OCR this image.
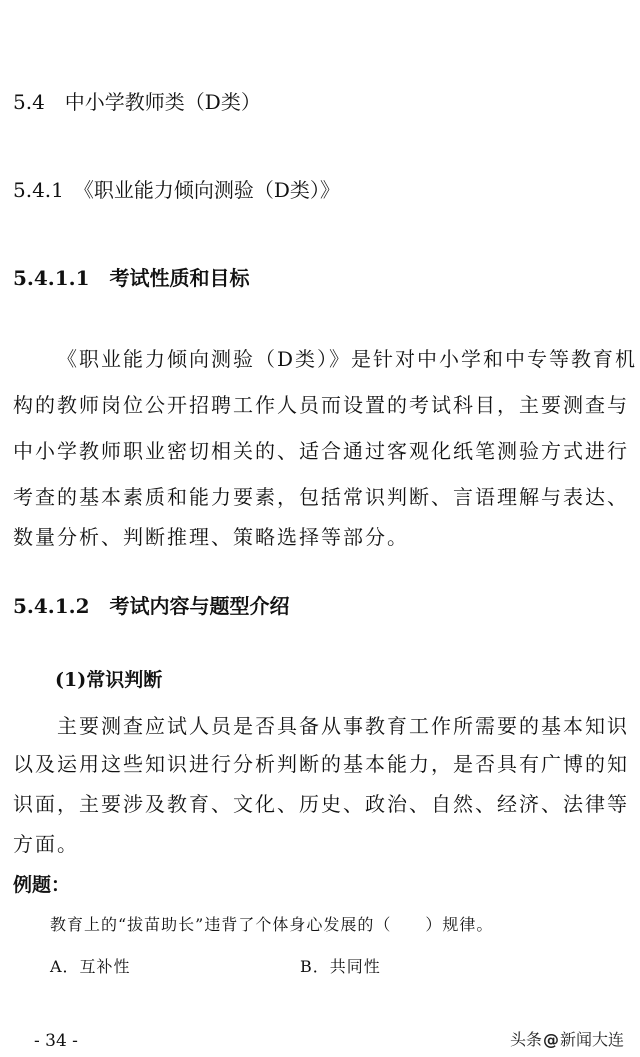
5.4　中小学教师类（D类）
5.4.1　《职业能力倾向测验（D类）》
5.4.1.1　考试性质和目标
《职业能力倾向测验（D类）》是针对中小学和中专等教育机
构的教师岗位公开招聘工作人员而设置的考试科目，主要测查与
中小学教师职业密切相关的、适合通过客观化纸笔测验方式进行
考查的基本素质和能力要素，包括常识判断、言语理解与表达、
数量分析、判断推理、策略选择等部分。
5.4.1.2　考试内容与题型介绍
(1)常识判断
主要测查应试人员是否具备从事教育工作所需要的基本知识
以及运用这些知识进行分析判断的基本能力，是否具有广博的知
识面，主要涉及教育、文化、历史、政治、自然、经济、法律等
方面。
例题：
教育上的“拔苗助长”违背了个体身心发展的（　　）规律。
A．互补性	B．共同性
- 34 -	头条@新闻大连
